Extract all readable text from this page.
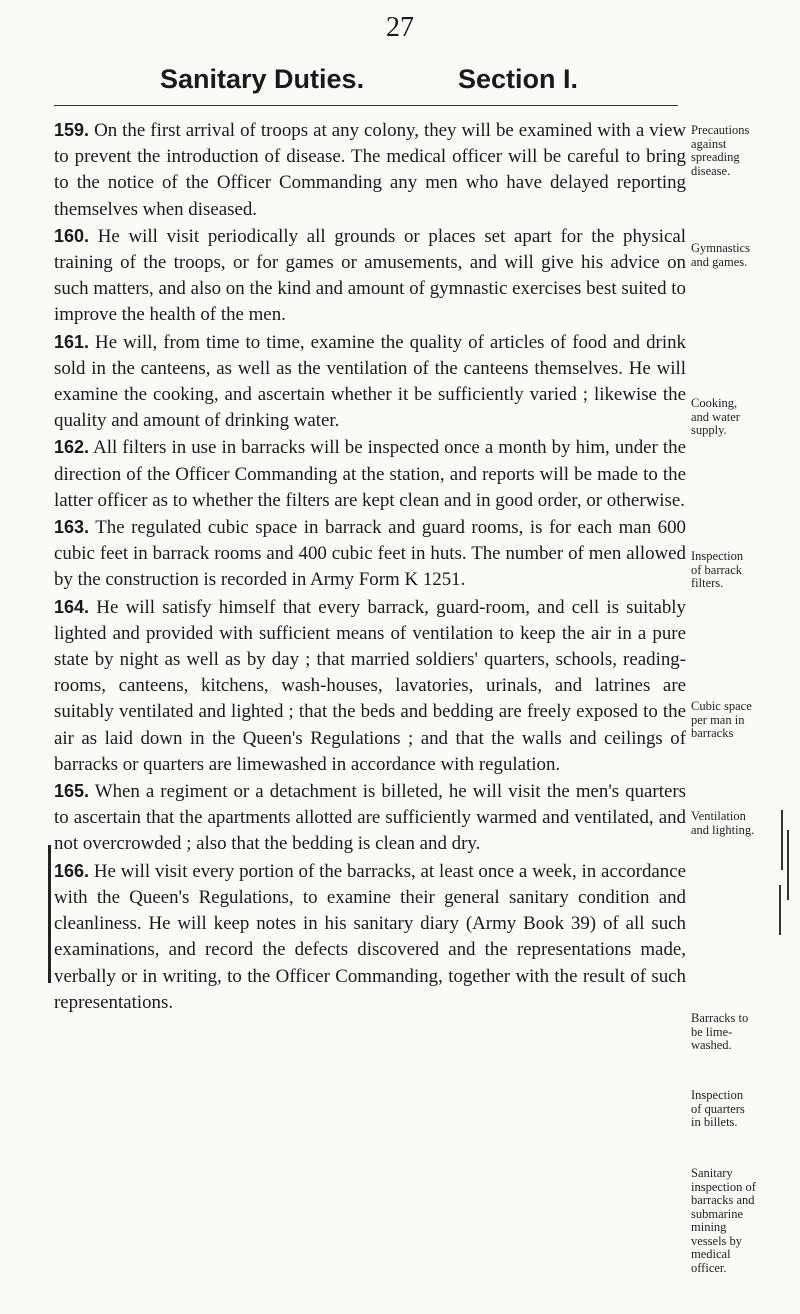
27
Sanitary Duties.	Section I.

159. On the first arrival of troops at any colony, they will be examined with a view to prevent the introduction of disease. The medical officer will be careful to bring to the notice of the Officer Commanding any men who have delayed reporting themselves when diseased.

160. He will visit periodically all grounds or places set apart for the physical training of the troops, or for games or amusements, and will give his advice on such matters, and also on the kind and amount of gymnastic exercises best suited to improve the health of the men.

161. He will, from time to time, examine the quality of articles of food and drink sold in the canteens, as well as the ventilation of the canteens themselves. He will examine the cooking, and ascertain whether it be sufficiently varied ; likewise the quality and amount of drinking water.

162. All filters in use in barracks will be inspected once a month by him, under the direction of the Officer Commanding at the station, and reports will be made to the latter officer as to whether the filters are kept clean and in good order, or otherwise.

163. The regulated cubic space in barrack and guard rooms, is for each man 600 cubic feet in barrack rooms and 400 cubic feet in huts. The number of men allowed by the construction is recorded in Army Form K 1251.

164. He will satisfy himself that every barrack, guard-room, and cell is suitably lighted and provided with sufficient means of ventilation to keep the air in a pure state by night as well as by day ; that married soldiers' quarters, schools, reading-rooms, canteens, kitchens, wash-houses, lavatories, urinals, and latrines are suitably ventilated and lighted ; that the beds and bedding are freely exposed to the air as laid down in the Queen's Regulations ; and that the walls and ceilings of barracks or quarters are limewashed in accordance with regulation.

165. When a regiment or a detachment is billeted, he will visit the men's quarters to ascertain that the apartments allotted are sufficiently warmed and ventilated, and not overcrowded ; also that the bedding is clean and dry.

166. He will visit every portion of the barracks, at least once a week, in accordance with the Queen's Regulations, to examine their general sanitary condition and cleanliness. He will keep notes in his sanitary diary (Army Book 39) of all such examinations, and record the defects discovered and the representations made, verbally or in writing, to the Officer Commanding, together with the result of such representations.

Precautions
against
spreading
disease.
Gymnastics
and games.
Cooking,
and water
supply.
Inspection
of barrack
filters.
Cubic space
per man in
barracks
Ventilation
and lighting.
Barracks to
be lime-
washed.
Inspection
of quarters
in billets.
Sanitary
inspection of
barracks and
submarine
mining
vessels by
medical
officer.
